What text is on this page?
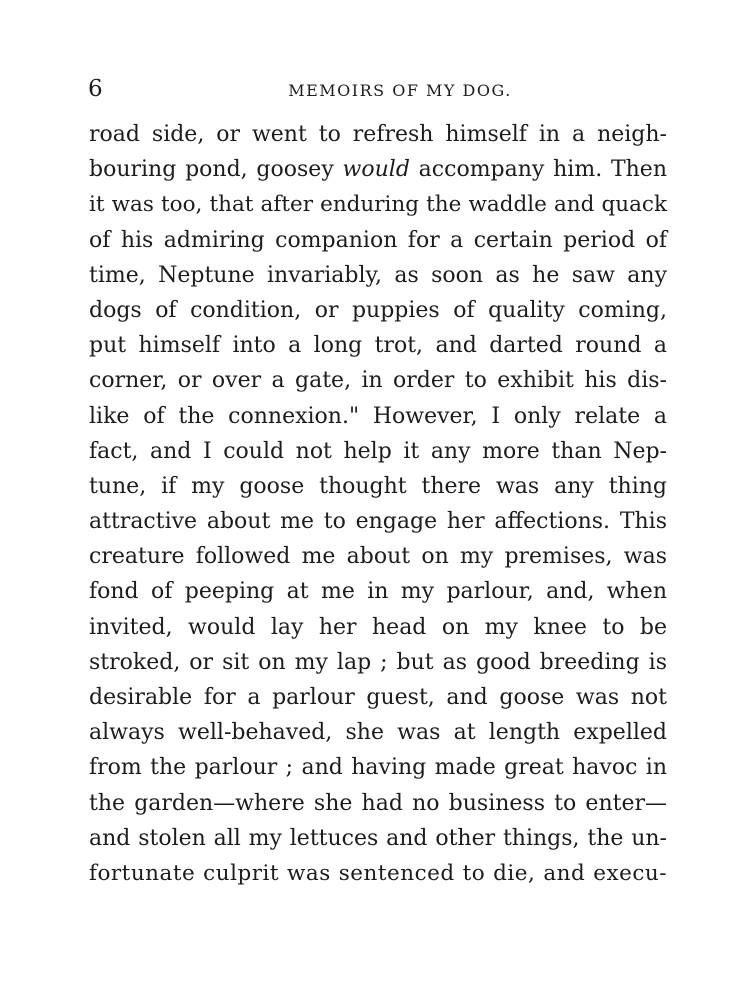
6	MEMOIRS OF MY DOG.
road side, or went to refresh himself in a neigh-
bouring pond, goosey would accompany him. Then
it was too, that after enduring the waddle and quack
of his admiring companion for a certain period of
time, Neptune invariably, as soon as he saw any
dogs of condition, or puppies of quality coming,
put himself into a long trot, and darted round a
corner, or over a gate, in order to exhibit his dis-
like of the connexion." However, I only relate a
fact, and I could not help it any more than Nep-
tune, if my goose thought there was any thing
attractive about me to engage her affections. This
creature followed me about on my premises, was
fond of peeping at me in my parlour, and, when
invited, would lay her head on my knee to be
stroked, or sit on my lap ; but as good breeding is
desirable for a parlour guest, and goose was not
always well-behaved, she was at length expelled
from the parlour ; and having made great havoc in
the garden—where she had no business to enter—
and stolen all my lettuces and other things, the un-
fortunate culprit was sentenced to die, and execu-
